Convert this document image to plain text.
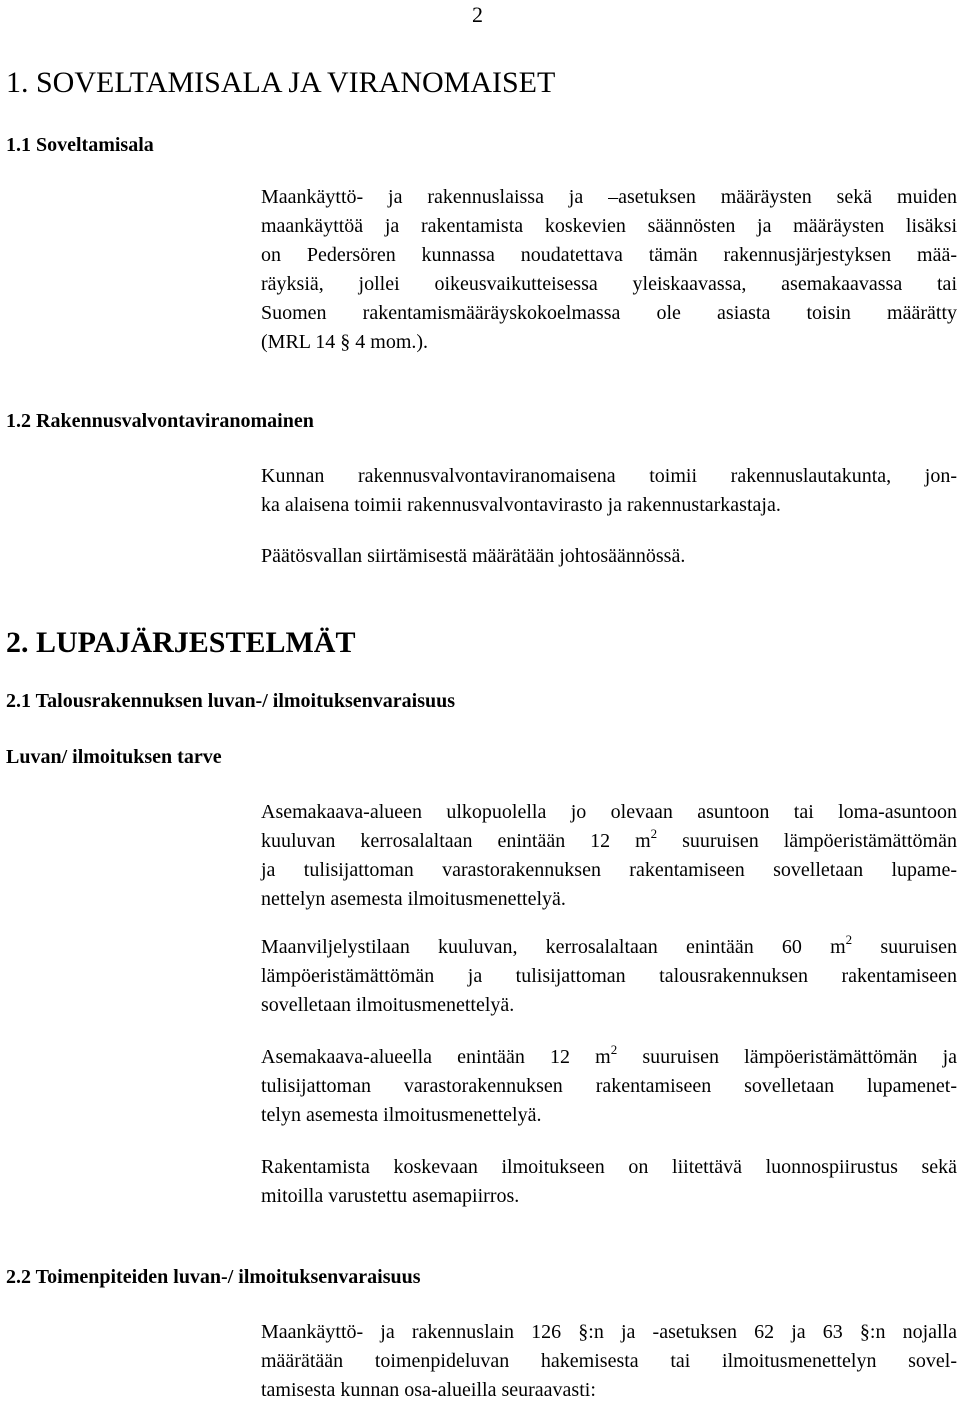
2
1. SOVELTAMISALA JA VIRANOMAISET
1.1 Soveltamisala
Maankäyttö- ja rakennuslaissa ja –asetuksen määräysten sekä muiden
maankäyttöä ja rakentamista koskevien säännösten ja määräysten lisäksi
on Pedersören kunnassa noudatettava tämän rakennusjärjestyksen mää-
räyksiä, jollei oikeusvaikutteisessa yleiskaavassa, asemakaavassa tai
Suomen rakentamismääräyskokoelmassa ole asiasta toisin määrätty
(MRL 14 § 4 mom.).
1.2 Rakennusvalvontaviranomainen
Kunnan rakennusvalvontaviranomaisena toimii rakennuslautakunta, jon-
ka alaisena toimii rakennusvalvontavirasto ja rakennustarkastaja.
Päätösvallan siirtämisestä määrätään johtosäännössä.
2. LUPAJÄRJESTELMÄT
2.1 Talousrakennuksen luvan-/ ilmoituksenvaraisuus
Luvan/ ilmoituksen tarve
Asemakaava-alueen ulkopuolella jo olevaan asuntoon tai loma-asuntoon
kuuluvan kerrosalaltaan enintään 12 $m^2$ suuruisen lämpöeristämättömän
ja tulisijattoman varastorakennuksen rakentamiseen sovelletaan lupame-
nettelyn asemesta ilmoitusmenettelyä.
Maanviljelystilaan kuuluvan, kerrosalaltaan enintään 60 $m^2$ suuruisen
lämpöeristämättömän ja tulisijattoman talousrakennuksen rakentamiseen
sovelletaan ilmoitusmenettelyä.
Asemakaava-alueella enintään 12 $m^2$ suuruisen lämpöeristämättömän ja
tulisijattoman varastorakennuksen rakentamiseen sovelletaan lupamenet-
telyn asemesta ilmoitusmenettelyä.
Rakentamista koskevaan ilmoitukseen on liitettävä luonnospiirustus sekä
mitoilla varustettu asemapiirros.
2.2 Toimenpiteiden luvan-/ ilmoituksenvaraisuus
Maankäyttö- ja rakennuslain 126 §:n ja -asetuksen 62 ja 63 §:n nojalla
määrätään toimenpideluvan hakemisesta tai ilmoitusmenettelyn sovel-
tamisesta kunnan osa-alueilla seuraavasti:
